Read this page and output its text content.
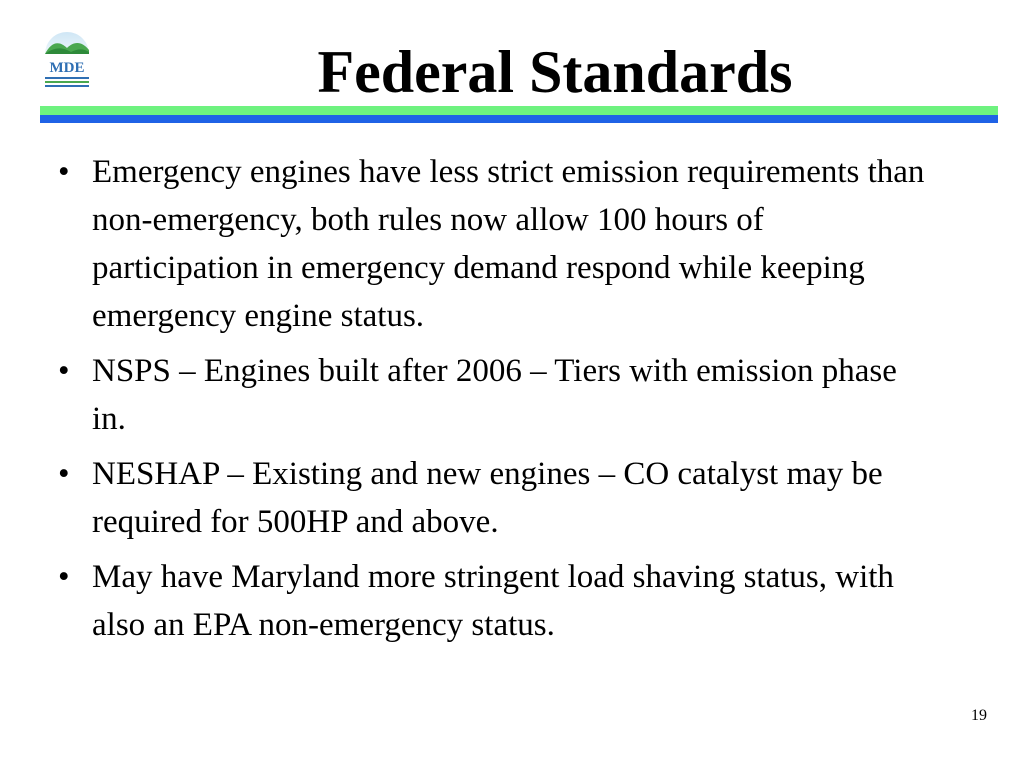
MDE	Federal Standards
• Emergency engines have less strict emission requirements than non-emergency, both rules now allow 100 hours of participation in emergency demand respond while keeping emergency engine status.
• NSPS – Engines built after 2006 – Tiers with emission phase in.
• NESHAP – Existing and new engines – CO catalyst may be required for 500HP and above.
• May have Maryland more stringent load shaving status, with also an EPA non-emergency status.
19
